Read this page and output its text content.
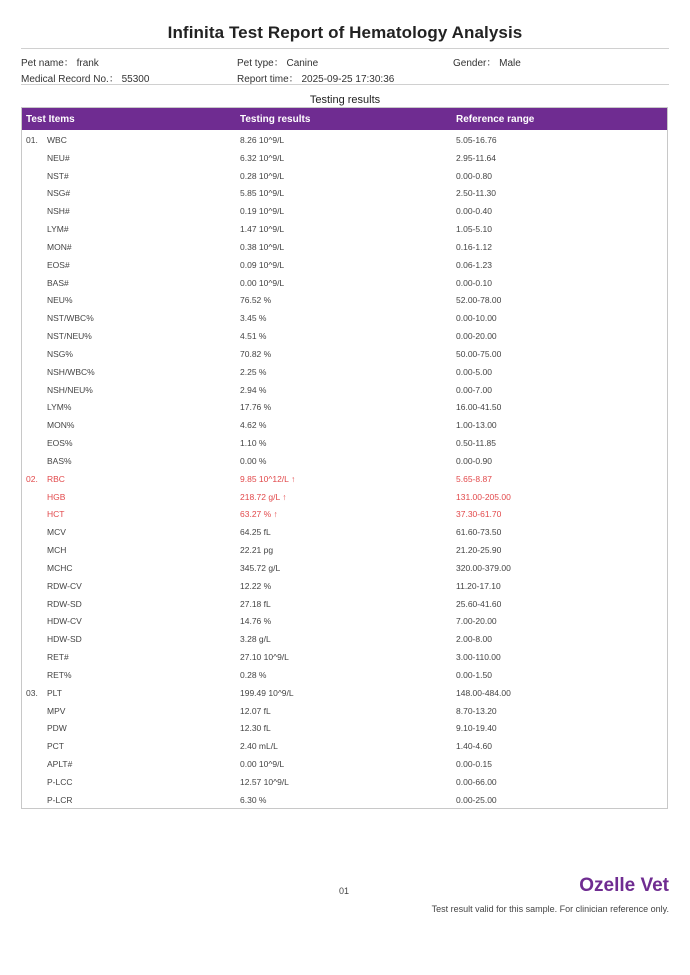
Infinita Test Report of Hematology Analysis
Pet name： frank	Pet type： Canine	Gender： Male
Medical Record No.： 55300	Report time： 2025-09-25 17:30:36
Testing results
Test Items	Testing results	Reference range
01. WBC	8.26 10^9/L	5.05-16.76
NEU#	6.32 10^9/L	2.95-11.64
NST#	0.28 10^9/L	0.00-0.80
NSG#	5.85 10^9/L	2.50-11.30
NSH#	0.19 10^9/L	0.00-0.40
LYM#	1.47 10^9/L	1.05-5.10
MON#	0.38 10^9/L	0.16-1.12
EOS#	0.09 10^9/L	0.06-1.23
BAS#	0.00 10^9/L	0.00-0.10
NEU%	76.52 %	52.00-78.00
NST/WBC%	3.45 %	0.00-10.00
NST/NEU%	4.51 %	0.00-20.00
NSG%	70.82 %	50.00-75.00
NSH/WBC%	2.25 %	0.00-5.00
NSH/NEU%	2.94 %	0.00-7.00
LYM%	17.76 %	16.00-41.50
MON%	4.62 %	1.00-13.00
EOS%	1.10 %	0.50-11.85
BAS%	0.00 %	0.00-0.90
02. RBC	9.85 10^12/L ↑	5.65-8.87
HGB	218.72 g/L ↑	131.00-205.00
HCT	63.27 % ↑	37.30-61.70
MCV	64.25 fL	61.60-73.50
MCH	22.21 pg	21.20-25.90
MCHC	345.72 g/L	320.00-379.00
RDW-CV	12.22 %	11.20-17.10
RDW-SD	27.18 fL	25.60-41.60
HDW-CV	14.76 %	7.00-20.00
HDW-SD	3.28 g/L	2.00-8.00
RET#	27.10 10^9/L	3.00-110.00
RET%	0.28 %	0.00-1.50
03. PLT	199.49 10^9/L	148.00-484.00
MPV	12.07 fL	8.70-13.20
PDW	12.30 fL	9.10-19.40
PCT	2.40 mL/L	1.40-4.60
APLT#	0.00 10^9/L	0.00-0.15
P-LCC	12.57 10^9/L	0.00-66.00
P-LCR	6.30 %	0.00-25.00
01	Ozelle Vet
Test result valid for this sample. For clinician reference only.
